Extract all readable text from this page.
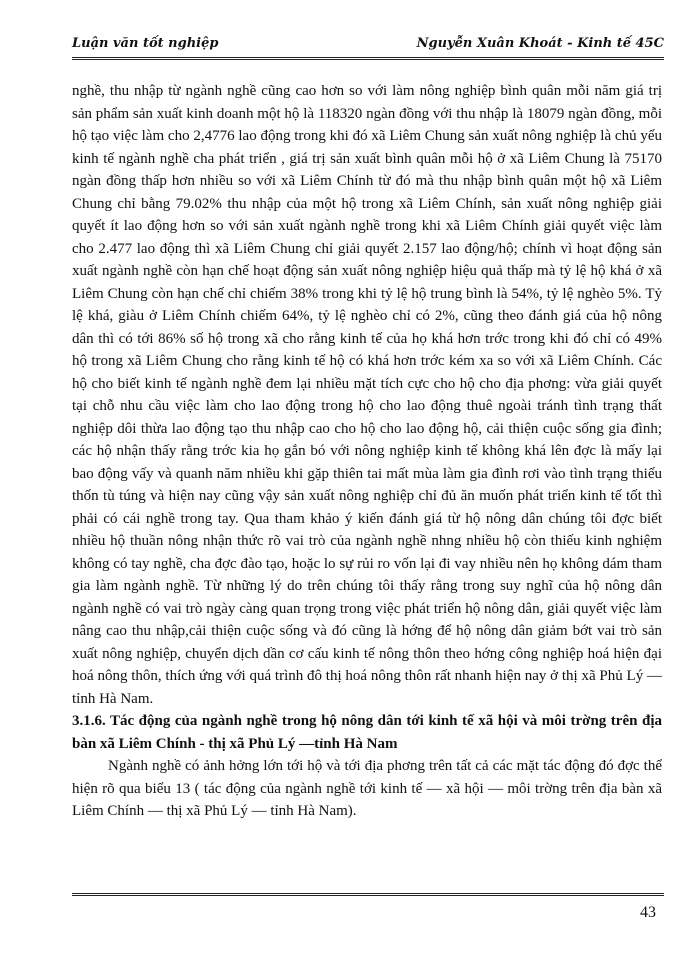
Luận văn tốt nghiệp	Nguyễn Xuân Khoát - Kinh tế 45C

nghề, thu nhập từ ngành nghề cũng cao hơn so với làm nông nghiệp bình quân mỗi năm giá trị sản phẩm sản xuất kinh doanh một hộ là 118320 ngàn đồng với thu nhập là 18079 ngàn đồng, mỗi hộ tạo việc làm cho 2,4776 lao động trong khi đó xã Liêm Chung sản xuất nông nghiệp là chủ yếu kinh tế ngành nghề cha phát triển , giá trị sản xuất bình quân mỗi hộ ở xã Liêm Chung là 75170 ngàn đồng thấp hơn nhiều so với xã Liêm Chính từ đó mà thu nhập bình quân một hộ xã Liêm Chung chỉ bằng 79.02% thu nhập của một hộ trong xã Liêm Chính, sản xuất nông nghiệp giải quyết ít lao động hơn so với sản xuất ngành nghề trong khi xã Liêm Chính giải quyết việc làm cho 2.477 lao động thì xã Liêm Chung chỉ giải quyết 2.157 lao động/hộ; chính vì hoạt động sản xuất ngành nghề còn hạn chế hoạt động sản xuất nông nghiệp hiệu quả thấp mà tỷ lệ hộ khá ở xã Liêm Chung còn hạn chế chỉ chiếm 38% trong khi tỷ lệ hộ trung bình là 54%, tỷ lệ nghèo 5%. Tỷ lệ khá, giàu ở Liêm Chính chiếm 64%, tỷ lệ nghèo chỉ có 2%, cũng theo đánh giá của hộ nông dân thì có tới 86% số hộ trong xã cho rằng kinh tế của họ khá hơn trớc trong khi đó chỉ có 49% hộ trong xã Liêm Chung cho rằng kinh tế hộ có khá hơn trớc kém xa so với xã Liêm Chính. Các hộ cho biết kinh tế ngành nghề đem lại nhiều mặt tích cực cho hộ cho địa phơng: vừa giải quyết tại chỗ nhu cầu việc làm cho lao động trong hộ cho lao động thuê ngoài tránh tình trạng thất nghiệp dôi thừa lao động tạo thu nhập cao cho hộ cho lao động hộ, cải thiện cuộc sống gia đình; các hộ nhận thấy rằng trớc kia họ gắn bó với nông nghiệp kinh tế không khá lên đợc là mấy lại bao động vấy và quanh năm nhiều khi gặp thiên tai mất mùa làm gia đình rơi vào tình trạng thiếu thốn tù túng và hiện nay cũng vậy sản xuất nông nghiệp chỉ đủ ăn muốn phát triển kinh tế tốt thì phải có cái nghề trong tay. Qua tham khảo ý kiến đánh giá từ hộ nông dân chúng tôi đợc biết nhiều hộ thuần nông nhận thức rõ vai trò của ngành nghề nhng nhiều hộ còn thiếu kinh nghiệm không có tay nghề, cha đợc đào tạo, hoặc lo sự rủi ro vốn lại đi vay nhiều nên họ không dám tham gia làm ngành nghề. Từ những lý do trên chúng tôi thấy rằng trong suy nghĩ của hộ nông dân ngành nghề có vai trò ngày càng quan trọng trong việc phát triển hộ nông dân, giải quyết việc làm nâng cao thu nhập,cải thiện cuộc sống và đó cũng là hớng để hộ nông dân giảm bớt vai trò sản xuất nông nghiệp, chuyển dịch dần cơ cấu kinh tế nông thôn theo hớng công nghiệp hoá hiện đại hoá nông thôn, thích ứng với quá trình đô thị hoá nông thôn rất nhanh hiện nay ở thị xã Phủ Lý — tỉnh Hà Nam.

3.1.6. Tác động của ngành nghề trong hộ nông dân tới kinh tế xã hội và môi trờng trên địa bàn xã Liêm Chính - thị xã Phủ Lý —tỉnh Hà Nam

Ngành nghề có ảnh hởng lớn tới hộ và tới địa phơng trên tất cả các mặt tác động đó đợc thể hiện rõ qua biểu 13 ( tác động của ngành nghề tới kinh tế — xã hội — môi trờng trên địa bàn xã Liêm Chính — thị xã Phủ Lý — tỉnh Hà Nam).

43
